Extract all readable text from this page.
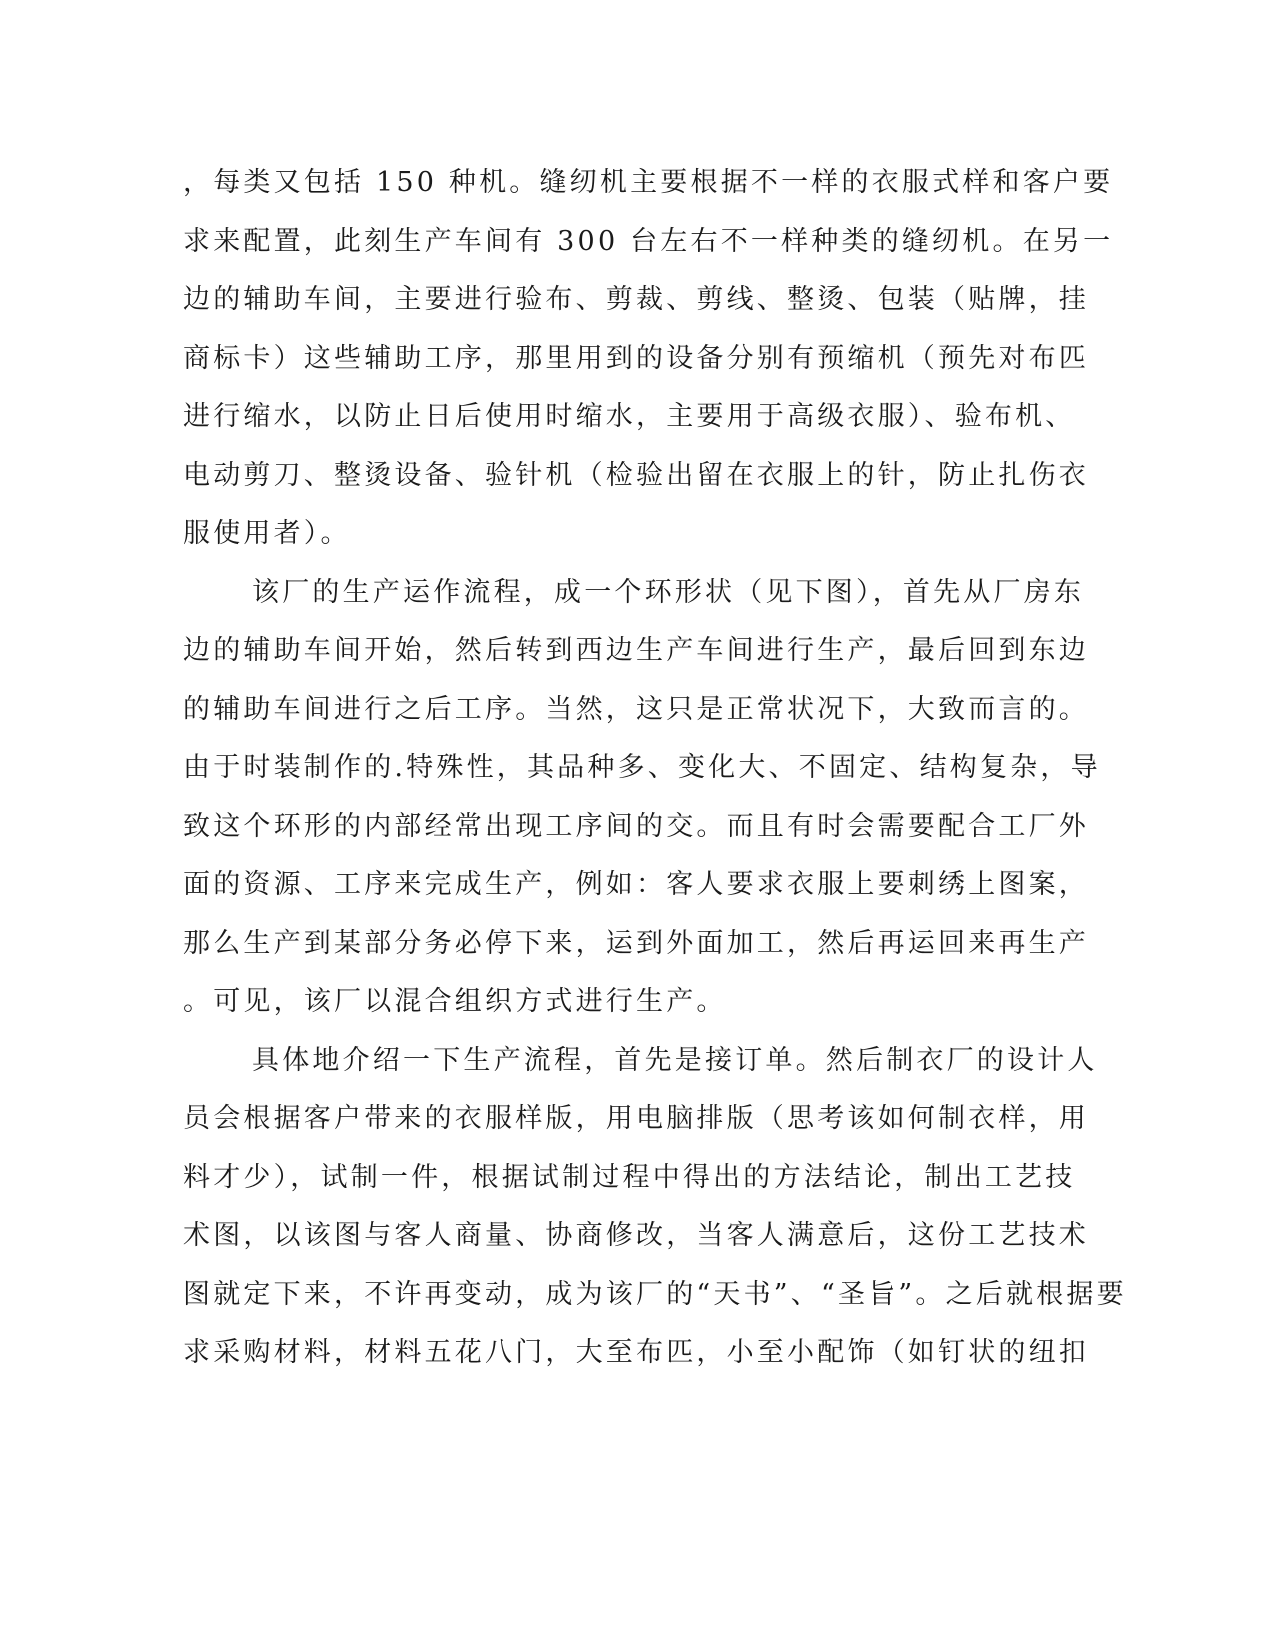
，每类又包括 150 种机。缝纫机主要根据不一样的衣服式样和客户要
求来配置，此刻生产车间有 300 台左右不一样种类的缝纫机。在另一
边的辅助车间，主要进行验布、剪裁、剪线、整烫、包装（贴牌，挂
商标卡）这些辅助工序，那里用到的设备分别有预缩机（预先对布匹
进行缩水，以防止日后使用时缩水，主要用于高级衣服）、验布机、
电动剪刀、整烫设备、验针机（检验出留在衣服上的针，防止扎伤衣
服使用者）。
该厂的生产运作流程，成一个环形状（见下图），首先从厂房东
边的辅助车间开始，然后转到西边生产车间进行生产，最后回到东边
的辅助车间进行之后工序。当然，这只是正常状况下，大致而言的。
由于时装制作的.特殊性，其品种多、变化大、不固定、结构复杂，导
致这个环形的内部经常出现工序间的交。而且有时会需要配合工厂外
面的资源、工序来完成生产，例如：客人要求衣服上要刺绣上图案，
那么生产到某部分务必停下来，运到外面加工，然后再运回来再生产
。可见，该厂以混合组织方式进行生产。
具体地介绍一下生产流程，首先是接订单。然后制衣厂的设计人
员会根据客户带来的衣服样版，用电脑排版（思考该如何制衣样，用
料才少），试制一件，根据试制过程中得出的方法结论，制出工艺技
术图，以该图与客人商量、协商修改，当客人满意后，这份工艺技术
图就定下来，不许再变动，成为该厂的“天书”、“圣旨”。之后就根据要
求采购材料，材料五花八门，大至布匹，小至小配饰（如钉状的纽扣
